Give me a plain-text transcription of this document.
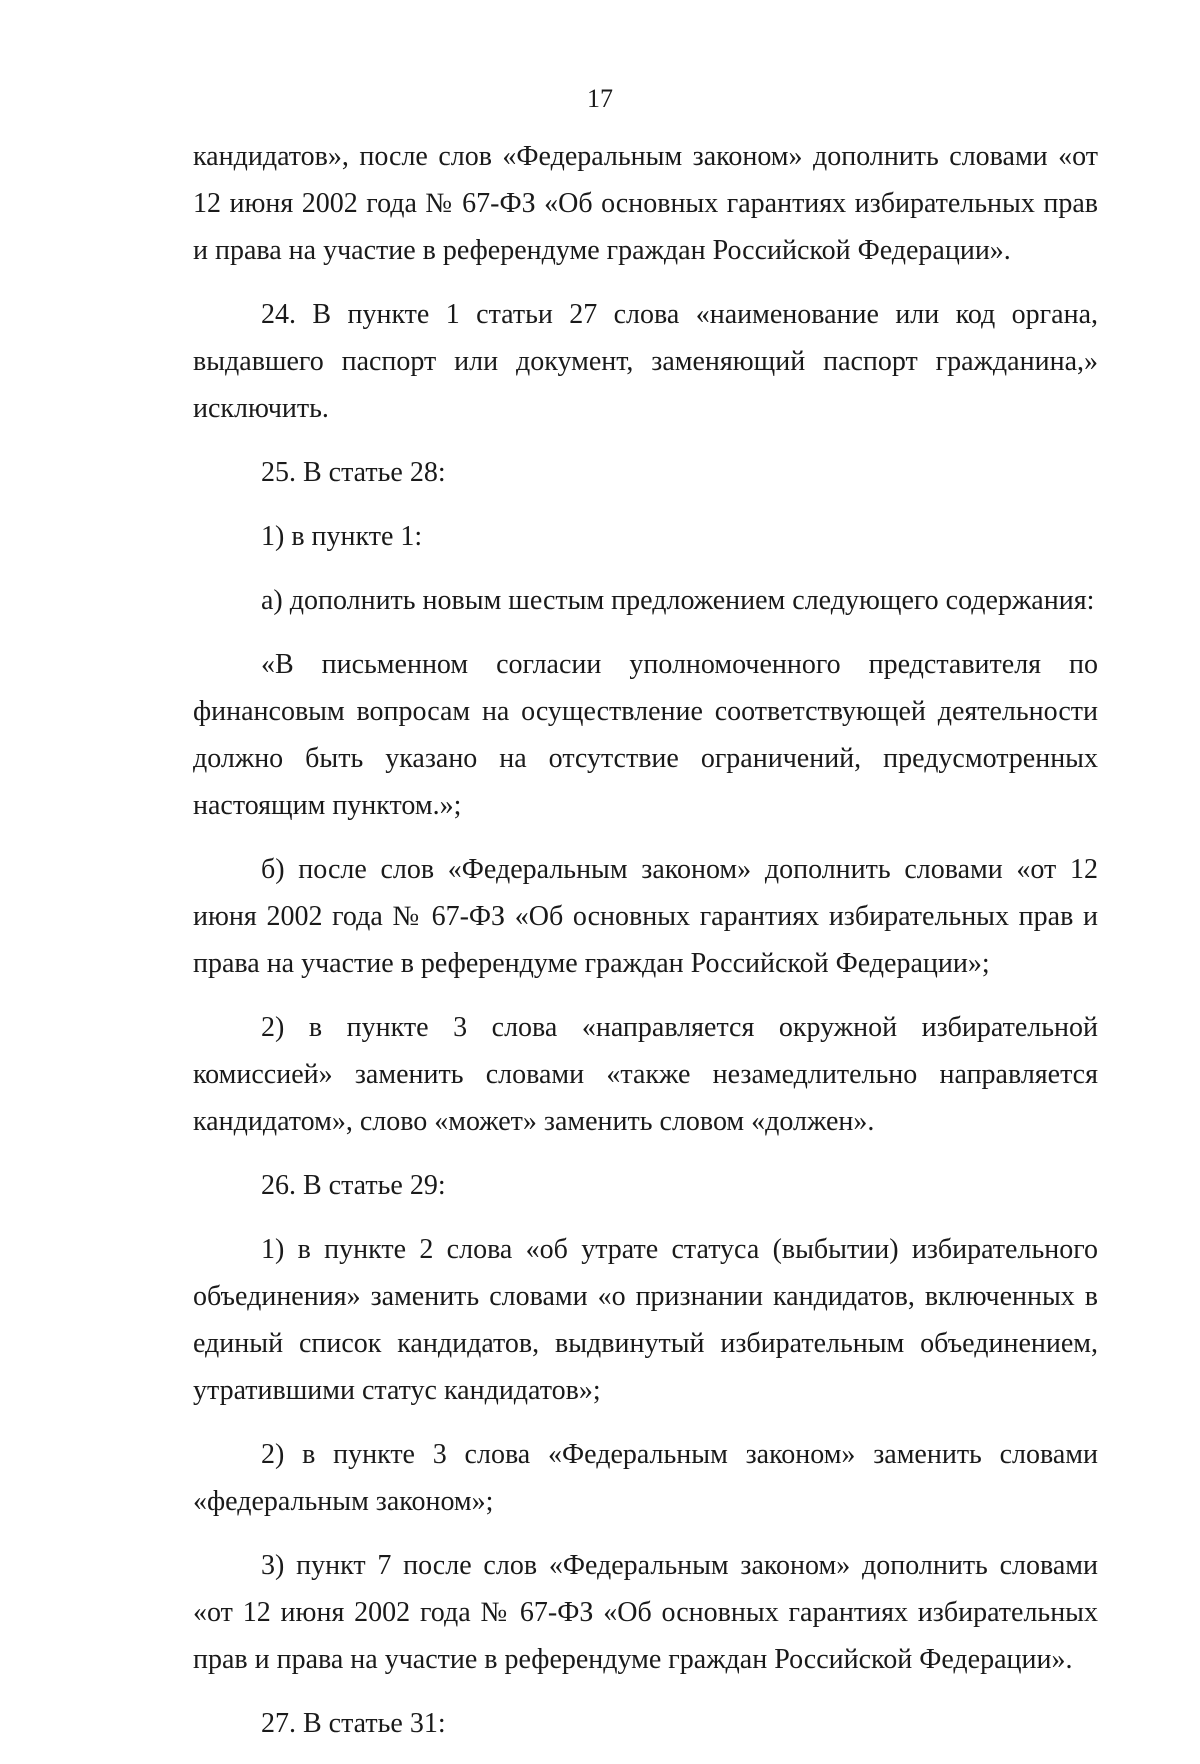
17

кандидатов», после слов «Федеральным законом» дополнить словами «от 12 июня 2002 года № 67-ФЗ «Об основных гарантиях избирательных прав и права на участие в референдуме граждан Российской Федерации».

24. В пункте 1 статьи 27 слова «наименование или код органа, выдавшего паспорт или документ, заменяющий паспорт гражданина,» исключить.

25. В статье 28:

1) в пункте 1:

а) дополнить новым шестым предложением следующего содержания:

«В письменном согласии уполномоченного представителя по финансовым вопросам на осуществление соответствующей деятельности должно быть указано на отсутствие ограничений, предусмотренных настоящим пунктом.»;

б) после слов «Федеральным законом» дополнить словами «от 12 июня 2002 года № 67-ФЗ «Об основных гарантиях избирательных прав и права на участие в референдуме граждан Российской Федерации»;

2) в пункте 3 слова «направляется окружной избирательной комиссией» заменить словами «также незамедлительно направляется кандидатом», слово «может» заменить словом «должен».

26. В статье 29:

1) в пункте 2 слова «об утрате статуса (выбытии) избирательного объединения» заменить словами «о признании кандидатов, включенных в единый список кандидатов, выдвинутый избирательным объединением, утратившими статус кандидатов»;

2) в пункте 3 слова «Федеральным законом» заменить словами «федеральным законом»;

3) пункт 7 после слов «Федеральным законом» дополнить словами «от 12 июня 2002 года № 67-ФЗ «Об основных гарантиях избирательных прав и права на участие в референдуме граждан Российской Федерации».

27. В статье 31:
